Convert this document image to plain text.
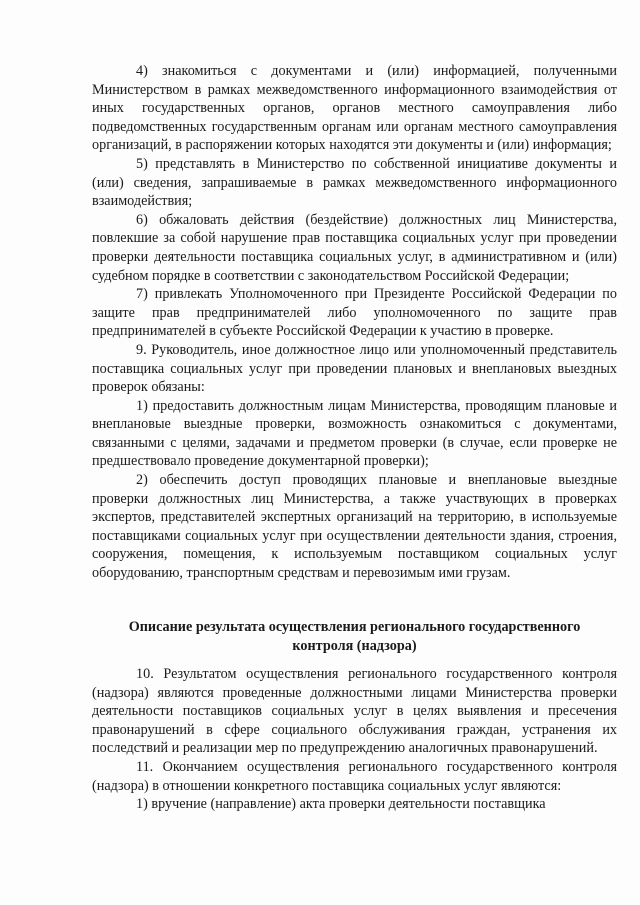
4) знакомиться с документами и (или) информацией, полученными Министерством в рамках межведомственного информационного взаимодействия от иных государственных органов, органов местного самоуправления либо подведомственных государственным органам или органам местного самоуправления организаций, в распоряжении которых находятся эти документы и (или) информация;

5) представлять в Министерство по собственной инициативе документы и (или) сведения, запрашиваемые в рамках межведомственного информационного взаимодействия;

6) обжаловать действия (бездействие) должностных лиц Министерства, повлекшие за собой нарушение прав поставщика социальных услуг при проведении проверки деятельности поставщика социальных услуг, в административном и (или) судебном порядке в соответствии с законодательством Российской Федерации;

7) привлекать Уполномоченного при Президенте Российской Федерации по защите прав предпринимателей либо уполномоченного по защите прав предпринимателей в субъекте Российской Федерации к участию в проверке.

9. Руководитель, иное должностное лицо или уполномоченный представитель поставщика социальных услуг при проведении плановых и внеплановых выездных проверок обязаны:

1) предоставить должностным лицам Министерства, проводящим плановые и внеплановые выездные проверки, возможность ознакомиться с документами, связанными с целями, задачами и предметом проверки (в случае, если проверке не предшествовало проведение документарной проверки);

2) обеспечить доступ проводящих плановые и внеплановые выездные проверки должностных лиц Министерства, а также участвующих в проверках экспертов, представителей экспертных организаций на территорию, в используемые поставщиками социальных услуг при осуществлении деятельности здания, строения, сооружения, помещения, к используемым поставщиком социальных услуг оборудованию, транспортным средствам и перевозимым ими грузам.

Описание результата осуществления регионального государственного
контроля (надзора)

10. Результатом осуществления регионального государственного контроля (надзора) являются проведенные должностными лицами Министерства проверки деятельности поставщиков социальных услуг в целях выявления и пресечения правонарушений в сфере социального обслуживания граждан, устранения их последствий и реализации мер по предупреждению аналогичных правонарушений.

11. Окончанием осуществления регионального государственного контроля (надзора) в отношении конкретного поставщика социальных услуг являются:

1) вручение (направление) акта проверки деятельности поставщика
